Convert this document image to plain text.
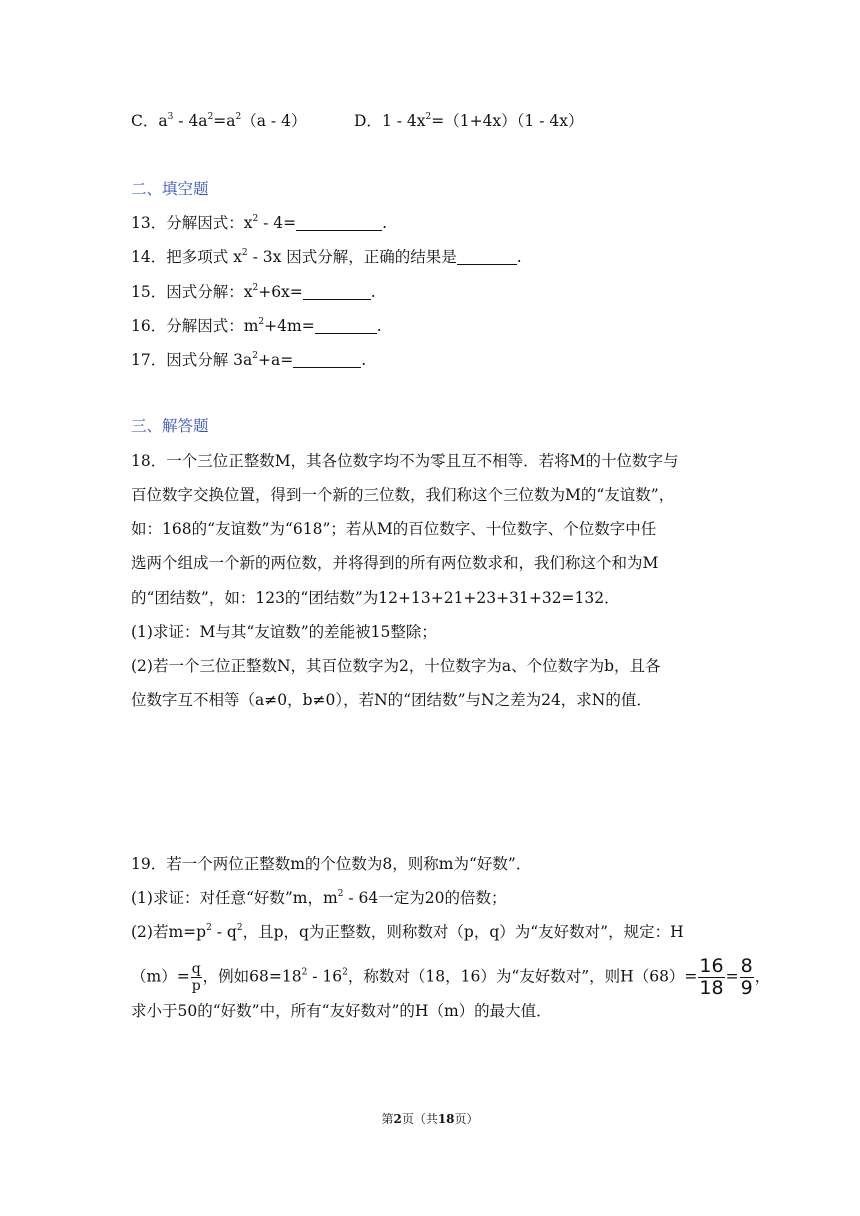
C．$a^3 - 4a^2=a^2(a - 4)$	D．$1 - 4x^2=(1+4x)(1 - 4x)$
二、填空题
13．分解因式：$x^2 - 4=$	.
14．把多项式 $x^2 - 3x$ 因式分解，正确的结果是	.
15．因式分解：$x^2+6x=$	.
16．分解因式：$m^2+4m=$	.
17．因式分解 $3a^2+a=$	.
三、解答题
18．一个三位正整数M，其各位数字均不为零且互不相等．若将M的十位数字与
百位数字交换位置，得到一个新的三位数，我们称这个三位数为M的“友谊数”，
如：168的“友谊数”为“618”；若从M的百位数字、十位数字、个位数字中任
选两个组成一个新的两位数，并将得到的所有两位数求和，我们称这个和为M
的“团结数”，如：123的“团结数”为12+13+21+23+31+32=132．
(1)求证：M与其“友谊数”的差能被15整除；
(2)若一个三位正整数N，其百位数字为2，十位数字为a、个位数字为b，且各
位数字互不相等（a≠0，b≠0），若N的“团结数”与N之差为24，求N的值．
19．若一个两位正整数m的个位数为8，则称m为“好数”．
(1)求证：对任意“好数”m，$m^2 - 64$一定为20的倍数；
(2)若$m=p^2 - q^2$，且p，q为正整数，则称数对（p，q）为“友好数对”，规定：H
$(m)= \frac{q}{p}$ ，例如$68=18^2 - 16^2$，称数对（18，16）为“友好数对”，则$H(68)= \frac{16}{18} = \frac{8}{9}$ ，
求小于50的“好数”中，所有“友好数对”的H（m）的最大值．
第2页（共18页）
